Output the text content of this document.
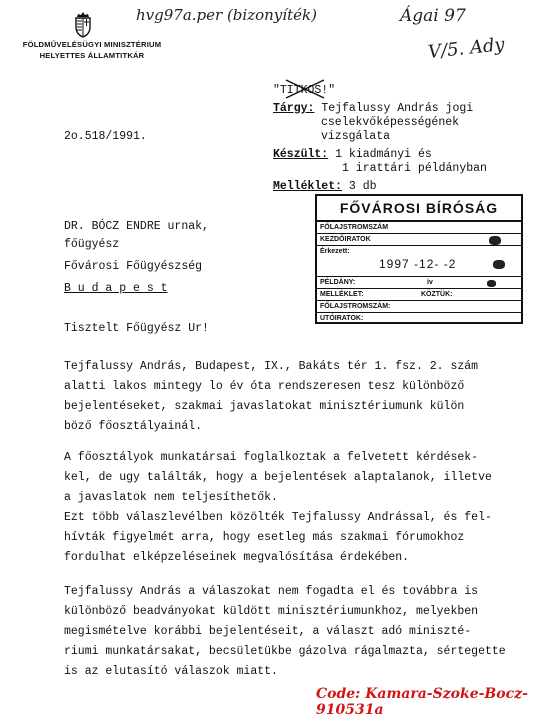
FÖLDMŰVELÉSÜGYI MINISZTÉRIUM
HELYETTES ÁLLAMTITKÁR
hvg97a.per (bizonyíték)	Ágai 97
V/5. Ady
"TITKOS!"
Tárgy: Tejfalussy András jogi
cselekvőképességének
vizsgálata
2o.518/1991.
Készült: 1 kiadmányi és
1 irattári példányban
Melléklet: 3 db
DR. BÓCZ ENDRE urnak,
főügyész
Fővárosi Főügyészség
B u d a p e s t
FŐVÁROSI BÍRÓSÁG
FŐLAJSTROMSZÁM
KEZDŐIRATOK
Érkezett:
1997 -12- -2
PÉLDÁNY:	ív
MELLÉKLET:	KÖZTÜK:
FŐLAJSTROMSZÁM:
UTÓIRATOK:
Tisztelt Főügyész Ur!
Tejfalussy András, Budapest, IX., Bakáts tér 1. fsz. 2. szám
alatti lakos mintegy lo év óta rendszeresen tesz különböző
bejelentéseket, szakmai javaslatokat minisztériumunk külön
böző főosztályainál.
A főosztályok munkatársai foglalkoztak a felvetett kérdések-
kel, de ugy találták, hogy a bejelentések alaptalanok, illetve
a javaslatok nem teljesíthetők.
Ezt több válaszlevélben közölték Tejfalussy Andrással, és fel-
hívták figyelmét arra, hogy esetleg más szakmai fórumokhoz
fordulhat elképzeléseinek megvalósítása érdekében.
Tejfalussy András a válaszokat nem fogadta el és továbbra is
különböző beadványokat küldött minisztériumunkhoz, melyekben
megismételve korábbi bejelentéseit, a választ adó miniszté-
riumi munkatársakat, becsületükbe gázolva rágalmazta, sértegette
is az elutasító válaszok miatt.
Code: Kamara-Szoke-Bocz-910531a
